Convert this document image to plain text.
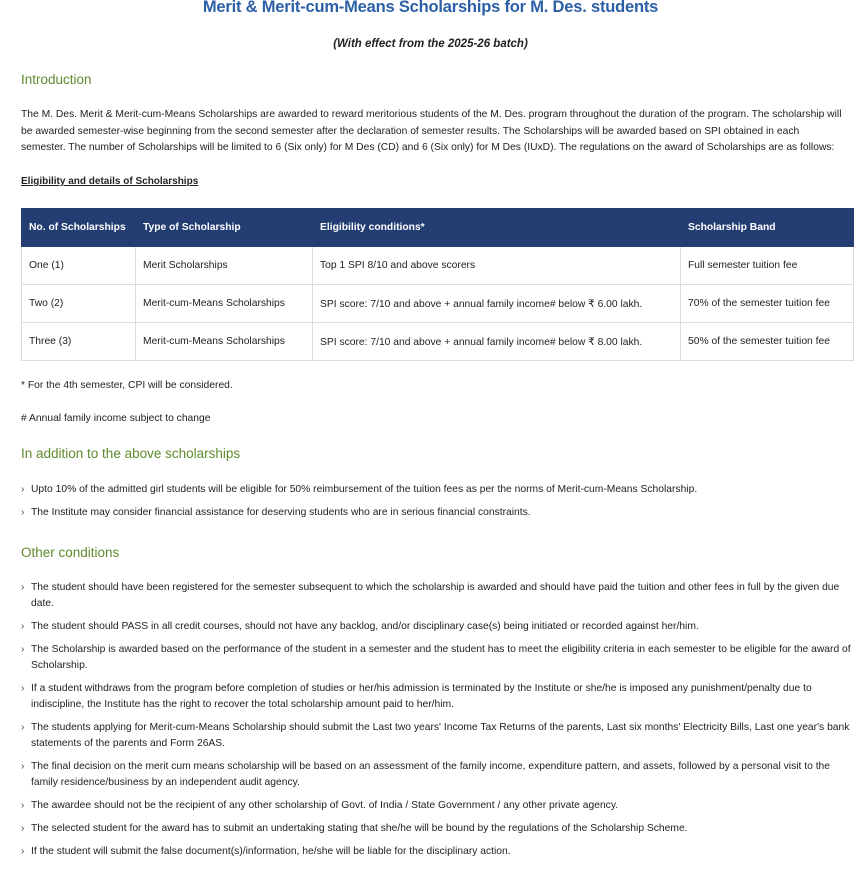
Merit & Merit-cum-Means Scholarships for M. Des. students
(With effect from the 2025-26 batch)
Introduction
The M. Des. Merit & Merit-cum-Means Scholarships are awarded to reward meritorious students of the M. Des. program throughout the duration of the program. The scholarship will be awarded semester-wise beginning from the second semester after the declaration of semester results. The Scholarships will be awarded based on SPI obtained in each semester. The number of Scholarships will be limited to 6 (Six only) for M Des (CD) and 6 (Six only) for M Des (IUxD). The regulations on the award of Scholarships are as follows:
Eligibility and details of Scholarships
No. of Scholarships	Type of Scholarship	Eligibility conditions*	Scholarship Band
One (1)	Merit Scholarships	Top 1 SPI 8/10 and above scorers	Full semester tuition fee
Two (2)	Merit-cum-Means Scholarships	SPI score: 7/10 and above + annual family income# below ₹ 6.00 lakh.	70% of the semester tuition fee
Three (3)	Merit-cum-Means Scholarships	SPI score: 7/10 and above + annual family income# below ₹ 8.00 lakh.	50% of the semester tuition fee
* For the 4th semester, CPI will be considered.
# Annual family income subject to change
In addition to the above scholarships
› Upto 10% of the admitted girl students will be eligible for 50% reimbursement of the tuition fees as per the norms of Merit-cum-Means Scholarship.
› The Institute may consider financial assistance for deserving students who are in serious financial constraints.
Other conditions
› The student should have been registered for the semester subsequent to which the scholarship is awarded and should have paid the tuition and other fees in full by the given due date.
› The student should PASS in all credit courses, should not have any backlog, and/or disciplinary case(s) being initiated or recorded against her/him.
› The Scholarship is awarded based on the performance of the student in a semester and the student has to meet the eligibility criteria in each semester to be eligible for the award of Scholarship.
› If a student withdraws from the program before completion of studies or her/his admission is terminated by the Institute or she/he is imposed any punishment/penalty due to indiscipline, the Institute has the right to recover the total scholarship amount paid to her/him.
› The students applying for Merit-cum-Means Scholarship should submit the Last two years' Income Tax Returns of the parents, Last six months' Electricity Bills, Last one year's bank statements of the parents and Form 26AS.
› The final decision on the merit cum means scholarship will be based on an assessment of the family income, expenditure pattern, and assets, followed by a personal visit to the family residence/business by an independent audit agency.
› The awardee should not be the recipient of any other scholarship of Govt. of India / State Government / any other private agency.
› The selected student for the award has to submit an undertaking stating that she/he will be bound by the regulations of the Scholarship Scheme.
› If the student will submit the false document(s)/information, he/she will be liable for the disciplinary action.
